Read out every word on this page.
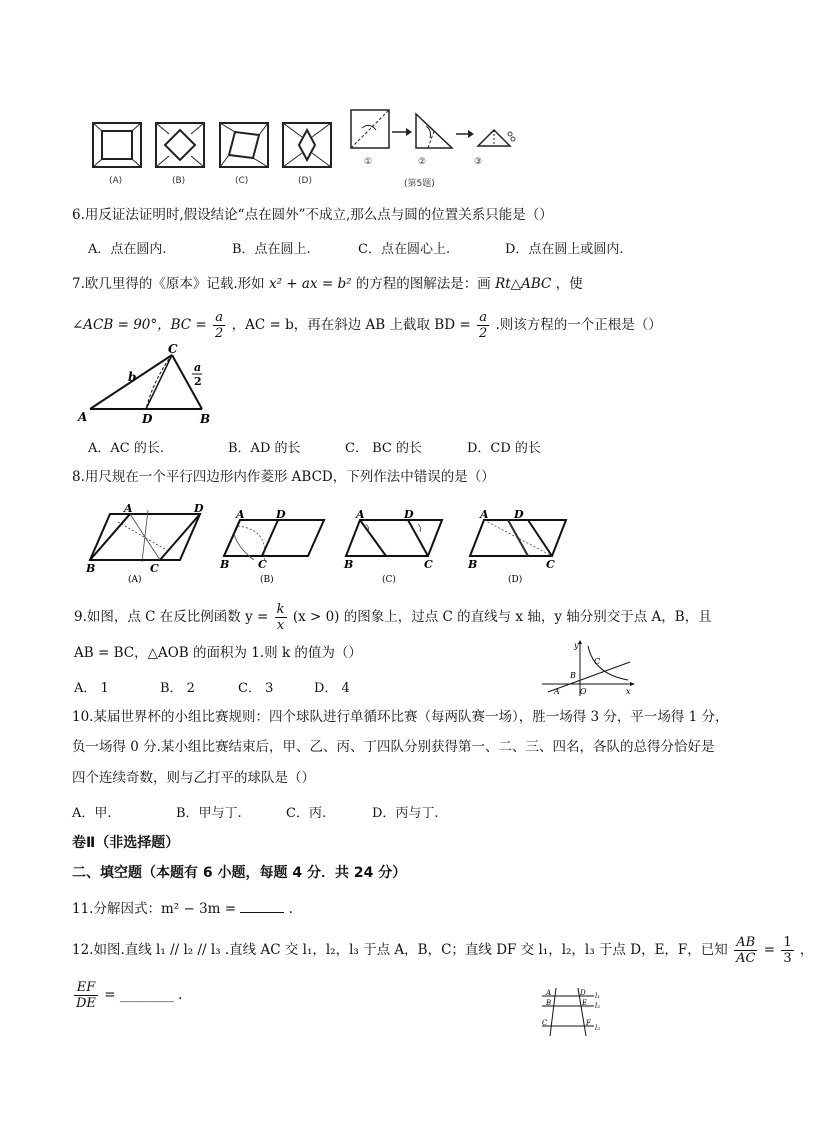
(A)	(B)	(C)	(D)
①	②	③
(第5题)
6.用反证法证明时,假设结论“点在圆外”不成立,那么点与圆的位置关系只能是（）
A．点在圆内.	B．点在圆上.	C．点在圆心上.	D．点在圆上或圆内.
7.欧几里得的《原本》记载.形如 x² + ax = b² 的方程的图解法是：画 Rt△ABC ，使
∠ACB = 90°，BC = $\frac{a}{2}$ ，AC = b，再在斜边 AB 上截取 BD = $\frac{a}{2}$ .则该方程的一个正根是（）
A	D	B
C
b
a
2
A．AC 的长.	B．AD 的长	C． BC 的长	D．CD 的长
8.用尺规在一个平行四边形内作菱形 ABCD，下列作法中错误的是（）
A	D
B	C
(A)
A	D
B	C
(B)
A	D
B	C
(C)
A D
B	C
(D)
9.如图，点 C 在反比例函数 $y = \frac{k}{x} (x > 0)$ 的图象上，过点 C 的直线与 x 轴，y 轴分别交于点 A，B，且
AB = BC，△AOB 的面积为 1.则 k 的值为（）
A． 1	B． 2	C． 3	D． 4
y
x
A	O
B
C
10.某届世界杯的小组比赛规则：四个球队进行单循环比赛（每两队赛一场），胜一场得 3 分，平一场得 1 分，
负一场得 0 分.某小组比赛结束后，甲、乙、丙、丁四队分别获得第一、二、三、四名，各队的总得分恰好是
四个连续奇数，则与乙打平的球队是（）
A．甲.	B．甲与丁.	C．丙.	D．丙与丁.
卷Ⅱ（非选择题）
二、填空题（本题有 6 小题，每题 4 分．共 24 分）
11.分解因式：m² − 3m =	.
12.如图.直线 l₁ // l₂ // l₃ .直线 AC 交 l₁，l₂，l₃ 于点 A，B，C；直线 DF 交 l₁，l₂，l₃ 于点 D，E，F，已知 $\frac{AB}{AC} = \frac{1}{3}$ ，
$\frac{EF}{DE}$ = ________ .	A
B
C
D
E
F
l₁
l₂
l₃
